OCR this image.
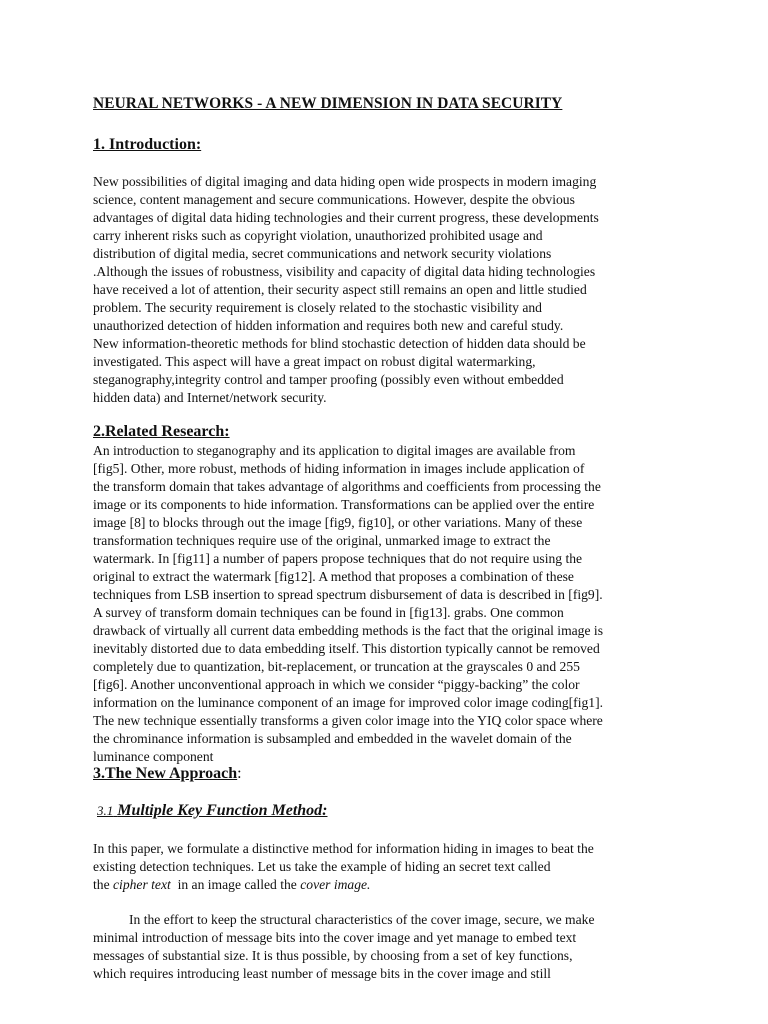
NEURAL NETWORKS - A NEW DIMENSION IN DATA SECURITY
1. Introduction:
New possibilities of digital imaging and data hiding open wide prospects in modern imaging
science, content management and secure communications. However, despite the obvious
advantages of digital data hiding technologies and their current progress, these developments
carry inherent risks such as copyright violation, unauthorized prohibited usage and
distribution of digital media, secret communications and network security violations
.Although the issues of robustness, visibility and capacity of digital data hiding technologies
have received a lot of attention, their security aspect still remains an open and little studied
problem. The security requirement is closely related to the stochastic visibility and
unauthorized detection of hidden information and requires both new and careful study.
New information-theoretic methods for blind stochastic detection of hidden data should be
investigated. This aspect will have a great impact on robust digital watermarking,
steganography,integrity control and tamper proofing (possibly even without embedded
hidden data) and Internet/network security.
2.Related Research:
An introduction to steganography and its application to digital images are available from
[fig5]. Other, more robust, methods of hiding information in images include application of
the transform domain that takes advantage of algorithms and coefficients from processing the
image or its components to hide information. Transformations can be applied over the entire
image [8] to blocks through out the image [fig9, fig10], or other variations. Many of these
transformation techniques require use of the original, unmarked image to extract the
watermark. In [fig11] a number of papers propose techniques that do not require using the
original to extract the watermark [fig12]. A method that proposes a combination of these
techniques from LSB insertion to spread spectrum disbursement of data is described in [fig9].
A survey of transform domain techniques can be found in [fig13]. grabs. One common
drawback of virtually all current data embedding methods is the fact that the original image is
inevitably distorted due to data embedding itself. This distortion typically cannot be removed
completely due to quantization, bit-replacement, or truncation at the grayscales 0 and 255
[fig6]. Another unconventional approach in which we consider “piggy-backing” the color
information on the luminance component of an image for improved color image coding[fig1].
The new technique essentially transforms a given color image into the YIQ color space where
the chrominance information is subsampled and embedded in the wavelet domain of the
luminance component
3.The New Approach:
3.1 Multiple Key Function Method:
In this paper, we formulate a distinctive method for information hiding in images to beat the
existing detection techniques. Let us take the example of hiding an secret text called
the cipher text  in an image called the cover image.
In the effort to keep the structural characteristics of the cover image, secure, we make
minimal introduction of message bits into the cover image and yet manage to embed text
messages of substantial size. It is thus possible, by choosing from a set of key functions,
which requires introducing least number of message bits in the cover image and still
